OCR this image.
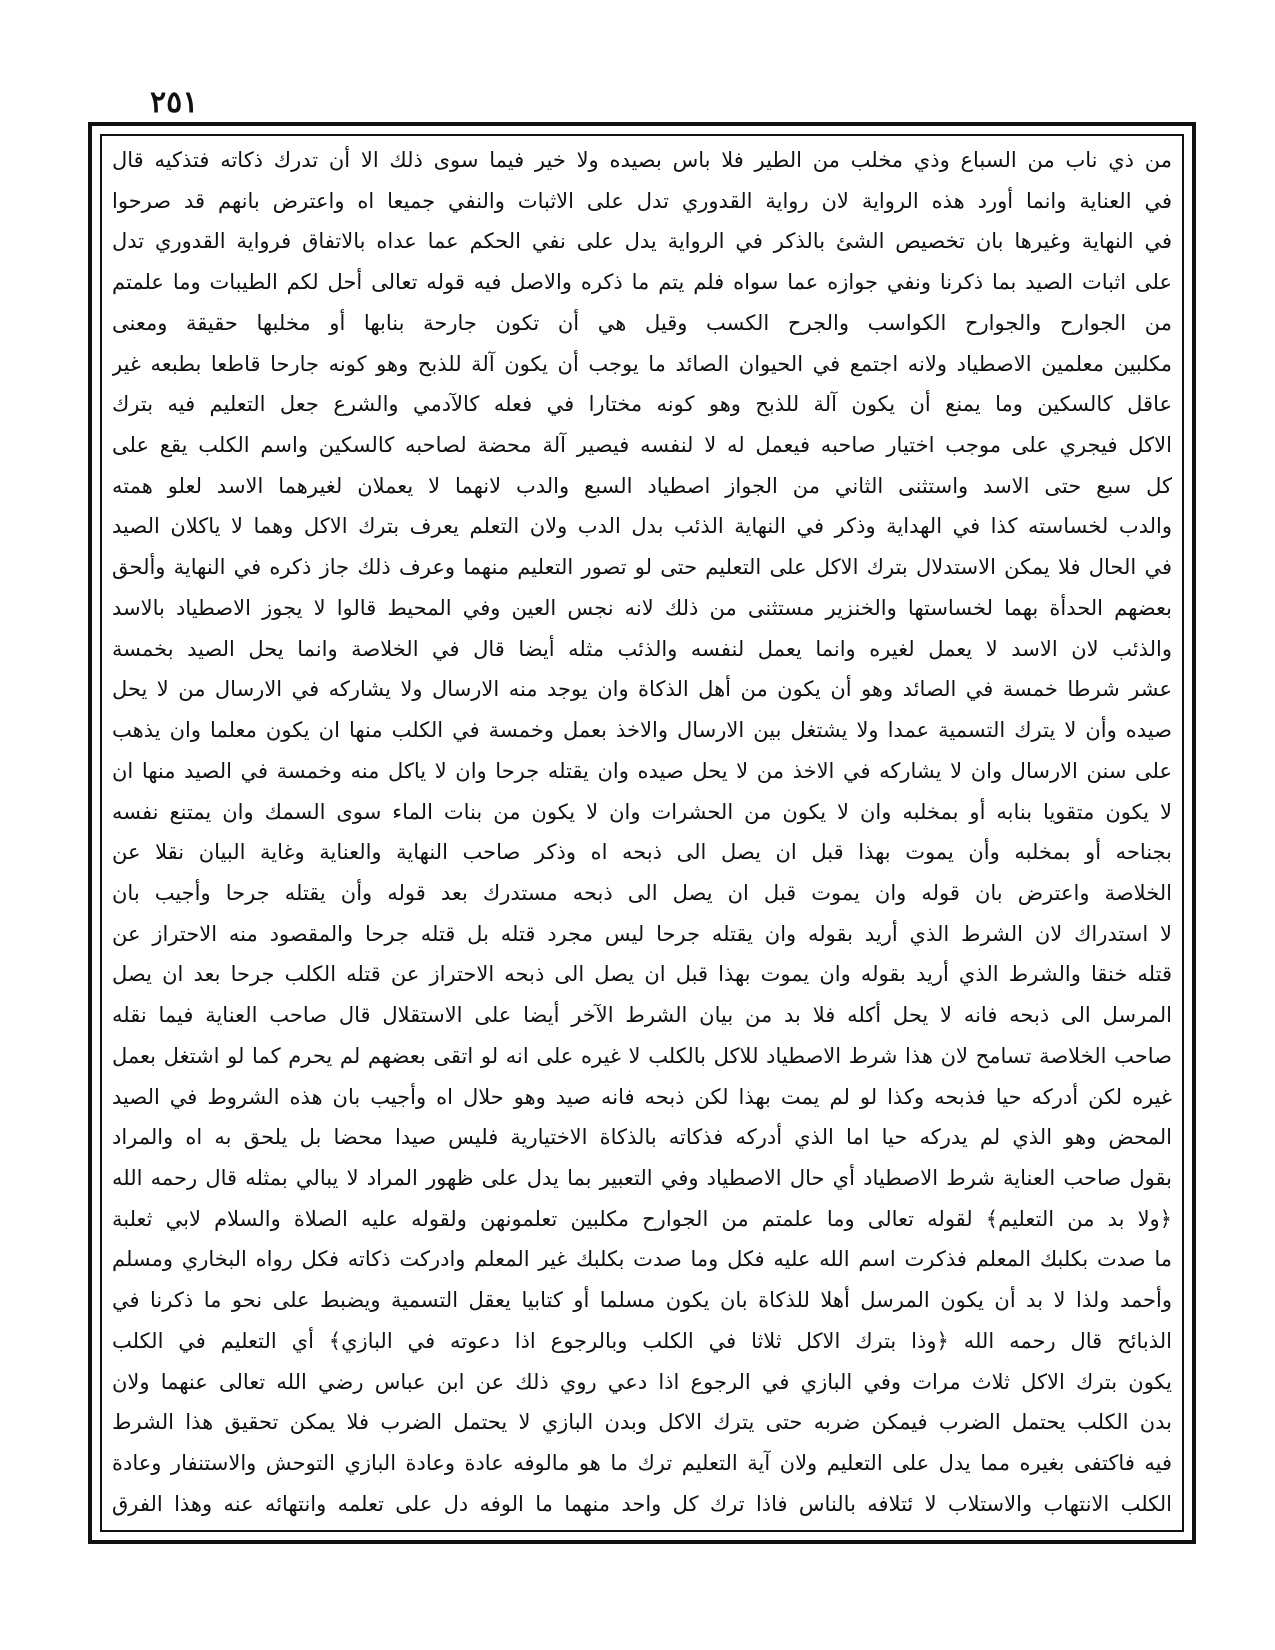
٢٥١
من ذي ناب من السباع وذي مخلب من الطير فلا باس بصيده ولا خير فيما سوى ذلك الا أن تدرك ذكاته فتذكيه قال
في العناية وانما أورد هذه الرواية لان رواية القدوري تدل على الاثبات والنفي جميعا اه واعترض بانهم قد صرحوا
في النهاية وغيرها بان تخصيص الشئ بالذكر في الرواية يدل على نفي الحكم عما عداه بالاتفاق فرواية القدوري تدل
على اثبات الصيد بما ذكرنا ونفي جوازه عما سواه فلم يتم ما ذكره والاصل فيه قوله تعالى أحل لكم الطيبات وما علمتم
من الجوارح والجوارح الكواسب والجرح الكسب وقيل هي أن تكون جارحة بنابها أو مخلبها حقيقة ومعنى
مكلبين معلمين الاصطياد ولانه اجتمع في الحيوان الصائد ما يوجب أن يكون آلة للذبح وهو كونه جارحا قاطعا بطبعه غير
عاقل كالسكين وما يمنع أن يكون آلة للذبح وهو كونه مختارا في فعله كالآدمي والشرع جعل التعليم فيه بترك
الاكل فيجري على موجب اختيار صاحبه فيعمل له لا لنفسه فيصير آلة محضة لصاحبه كالسكين واسم الكلب يقع على
كل سبع حتى الاسد واستثنى الثاني من الجواز اصطياد السبع والدب لانهما لا يعملان لغيرهما الاسد لعلو همته
والدب لخساسته كذا في الهداية وذكر في النهاية الذئب بدل الدب ولان التعلم يعرف بترك الاكل وهما لا ياكلان الصيد
في الحال فلا يمكن الاستدلال بترك الاكل على التعليم حتى لو تصور التعليم منهما وعرف ذلك جاز ذكره في النهاية وألحق
بعضهم الحدأة بهما لخساستها والخنزير مستثنى من ذلك لانه نجس العين وفي المحيط قالوا لا يجوز الاصطياد بالاسد
والذئب لان الاسد لا يعمل لغيره وانما يعمل لنفسه والذئب مثله أيضا قال في الخلاصة وانما يحل الصيد بخمسة
عشر شرطا خمسة في الصائد وهو أن يكون من أهل الذكاة وان يوجد منه الارسال ولا يشاركه في الارسال من لا يحل
صيده وأن لا يترك التسمية عمدا ولا يشتغل بين الارسال والاخذ بعمل وخمسة في الكلب منها ان يكون معلما وان يذهب
على سنن الارسال وان لا يشاركه في الاخذ من لا يحل صيده وان يقتله جرحا وان لا ياكل منه وخمسة في الصيد منها ان
لا يكون متقويا بنابه أو بمخلبه وان لا يكون من الحشرات وان لا يكون من بنات الماء سوى السمك وان يمتنع نفسه
بجناحه أو بمخلبه وأن يموت بهذا قبل ان يصل الى ذبحه اه وذكر صاحب النهاية والعناية وغاية البيان نقلا عن
الخلاصة واعترض بان قوله وان يموت قبل ان يصل الى ذبحه مستدرك بعد قوله وأن يقتله جرحا وأجيب بان
لا استدراك لان الشرط الذي أريد بقوله وان يقتله جرحا ليس مجرد قتله بل قتله جرحا والمقصود منه الاحتراز عن
قتله خنقا والشرط الذي أريد بقوله وان يموت بهذا قبل ان يصل الى ذبحه الاحتراز عن قتله الكلب جرحا بعد ان يصل
المرسل الى ذبحه فانه لا يحل أكله فلا بد من بيان الشرط الآخر أيضا على الاستقلال قال صاحب العناية فيما نقله
صاحب الخلاصة تسامح لان هذا شرط الاصطياد للاكل بالكلب لا غيره على انه لو اتقى بعضهم لم يحرم كما لو اشتغل بعمل
غيره لكن أدركه حيا فذبحه وكذا لو لم يمت بهذا لكن ذبحه فانه صيد وهو حلال اه وأجيب بان هذه الشروط في الصيد
المحض وهو الذي لم يدركه حيا اما الذي أدركه فذكاته بالذكاة الاختيارية فليس صيدا محضا بل يلحق به اه والمراد
بقول صاحب العناية شرط الاصطياد أي حال الاصطياد وفي التعبير بما يدل على ظهور المراد لا يبالي بمثله قال رحمه الله
﴿ولا بد من التعليم﴾ لقوله تعالى وما علمتم من الجوارح مكلبين تعلمونهن ولقوله عليه الصلاة والسلام لابي ثعلبة
ما صدت بكلبك المعلم فذكرت اسم الله عليه فكل وما صدت بكلبك غير المعلم وادركت ذكاته فكل رواه البخاري ومسلم
وأحمد ولذا لا بد أن يكون المرسل أهلا للذكاة بان يكون مسلما أو كتابيا يعقل التسمية ويضبط على نحو ما ذكرنا في
الذبائح قال رحمه الله ﴿وذا بترك الاكل ثلاثا في الكلب وبالرجوع اذا دعوته في البازي﴾ أي التعليم في الكلب
يكون بترك الاكل ثلاث مرات وفي البازي في الرجوع اذا دعي روي ذلك عن ابن عباس رضي الله تعالى عنهما ولان
بدن الكلب يحتمل الضرب فيمكن ضربه حتى يترك الاكل وبدن البازي لا يحتمل الضرب فلا يمكن تحقيق هذا الشرط
فيه فاكتفى بغيره مما يدل على التعليم ولان آية التعليم ترك ما هو مالوفه عادة وعادة البازي التوحش والاستنفار وعادة
الكلب الانتهاب والاستلاب لا ئتلافه بالناس فاذا ترك كل واحد منهما ما الوفه دل على تعلمه وانتهائه عنه وهذا الفرق
